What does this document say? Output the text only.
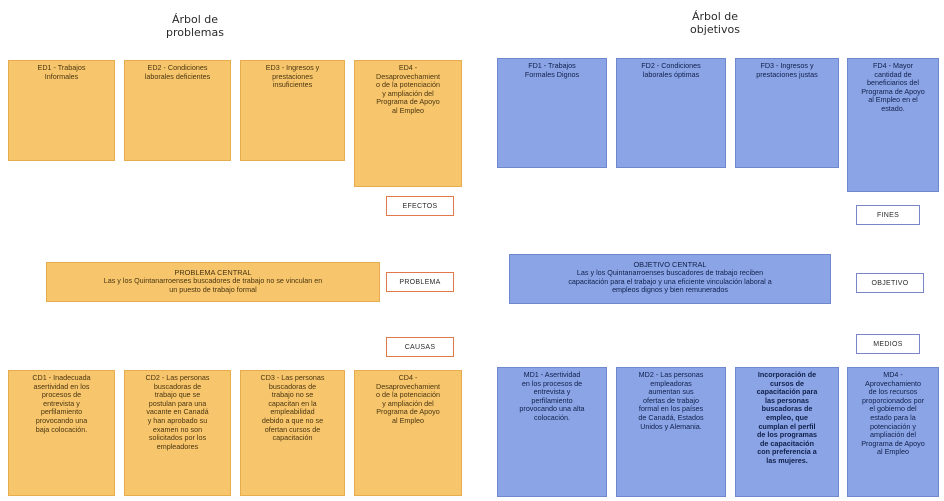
Árbol de
problemas
Árbol de
objetivos
ED1 - Trabajos
Informales
ED2 - Condiciones
laborales deficientes
ED3 - Ingresos y
prestaciones
insuficientes
ED4 -
Desaprovechamient
o de la potenciación
y ampliación del
Programa de Apoyo
al Empleo
EFECTOS
PROBLEMA CENTRAL
Las y los Quintanarroenses buscadores de trabajo no se vinculan en
un puesto de trabajo formal
PROBLEMA
CAUSAS
CD1 - Inadecuada
asertividad en los
procesos de
entrevista y
perfilamiento
provocando una
baja colocación.
CD2 - Las personas
buscadoras de
trabajo que se
postulan para una
vacante en Canadá
y han aprobado su
examen no son
solicitados por los
empleadores
CD3 - Las personas
buscadoras de
trabajo no se
capacitan en la
empleabilidad
debido a que no se
ofertan cursos de
capacitación
CD4 -
Desaprovechamient
o de la potenciación
y ampliación del
Programa de Apoyo
al Empleo
FD1 - Trabajos
Formales Dignos
FD2 - Condiciones
laborales óptimas
FD3 - Ingresos y
prestaciones justas
FD4 - Mayor
cantidad de
beneficiarios del
Programa de Apoyo
al Empleo en el
estado.
FINES
OBJETIVO CENTRAL
Las y los Quintanarroenses buscadores de trabajo reciben
capacitación para el trabajo y una eficiente vinculación laboral a
empleos dignos y bien remunerados
OBJETIVO
MEDIOS
MD1 - Asertividad
en los procesos de
entrevista y
perfilamiento
provocando una alta
colocación.
MD2 - Las personas
empleadoras
aumentan sus
ofertas de trabajo
formal en los países
de Canadá, Estados
Unidos y Alemania.
Incorporación de
cursos de
capacitación para
las personas
buscadoras de
empleo, que
cumplan el perfil
de los programas
de capacitación
con preferencia a
las mujeres.
MD4 -
Aprovechamiento
de los recursos
proporcionados por
el gobierno del
estado para la
potenciación y
ampliación del
Programa de Apoyo
al Empleo
